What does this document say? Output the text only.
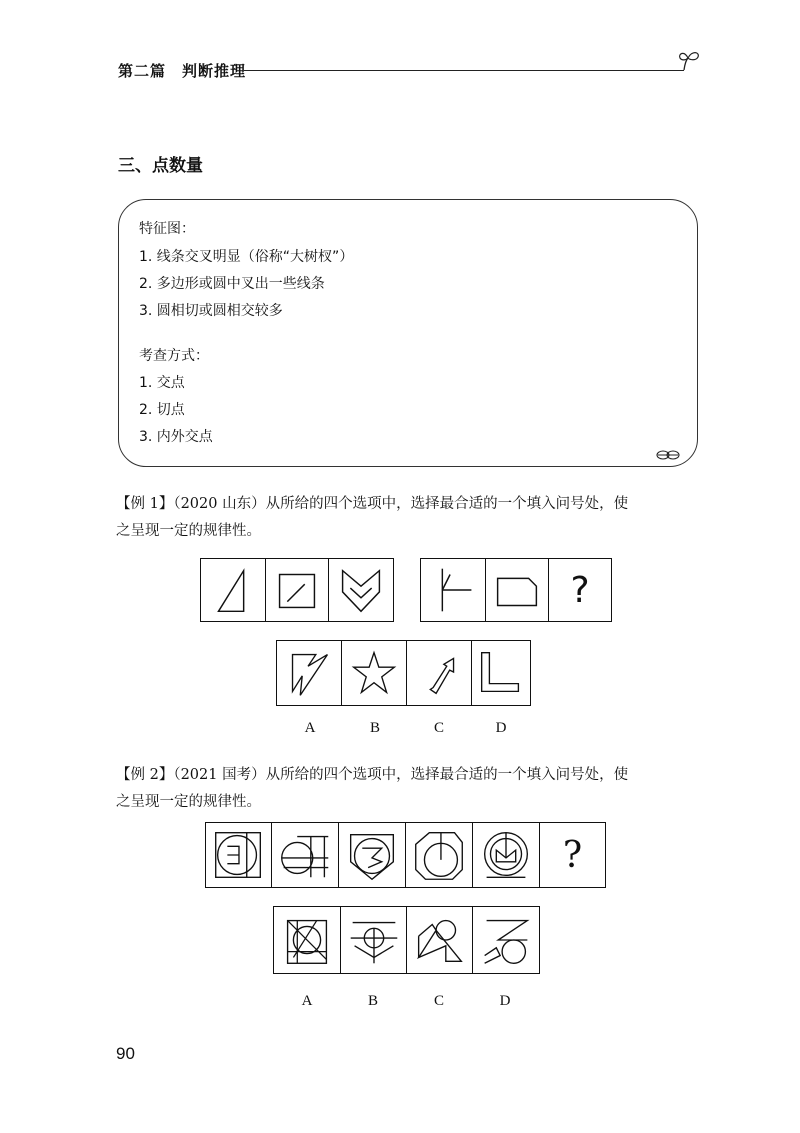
第二篇　判断推理
三、点数量
特征图：
1. 线条交叉明显（俗称“大树杈”）
2. 多边形或圆中叉出一些线条
3. 圆相切或圆相交较多
考查方式：
1. 交点
2. 切点
3. 内外交点
【例 1】（2020 山东）从所给的四个选项中，选择最合适的一个填入问号处，使
之呈现一定的规律性。
?
A	B	C	D
【例 2】（2021 国考）从所给的四个选项中，选择最合适的一个填入问号处，使
之呈现一定的规律性。
?
A	B	C	D
90
